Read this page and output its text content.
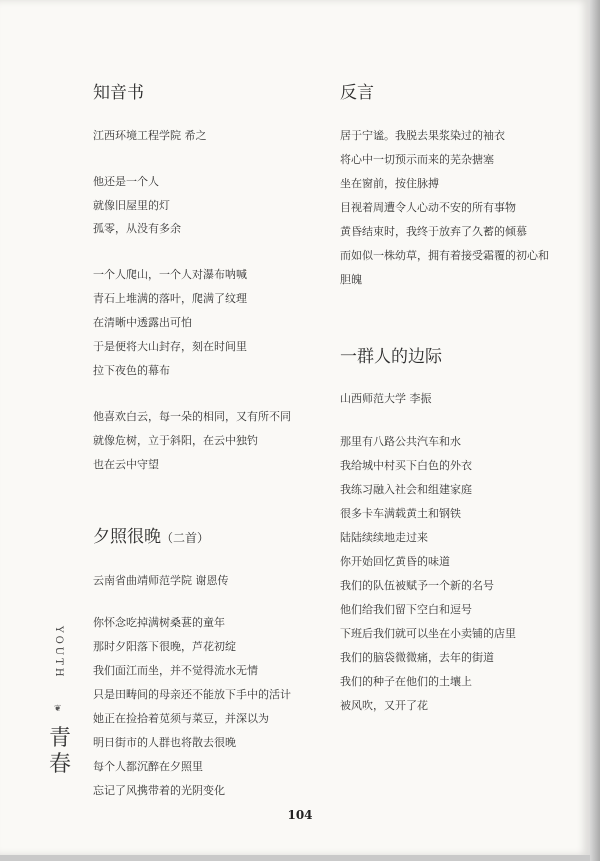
知音书
江西环境工程学院 希之
他还是一个人
就像旧屋里的灯
孤零，从没有多余
一个人爬山，一个人对瀑布呐喊
青石上堆满的落叶，爬满了纹理
在清晰中透露出可怕
于是便将大山封存，刻在时间里
拉下夜色的幕布
他喜欢白云，每一朵的相同，又有所不同
就像危树，立于斜阳，在云中独钓
也在云中守望
夕照很晚（二首）
云南省曲靖师范学院 谢恩传
你怀念吃掉满树桑葚的童年
那时夕阳落下很晚，芦花初绽
我们面江而坐，并不觉得流水无情
只是田畴间的母亲还不能放下手中的活计
她正在捡拾着苋须与菜豆，并深以为
明日街市的人群也将散去很晚
每个人都沉醉在夕照里
忘记了风携带着的光阴变化
反言
居于宁谧。我脱去果浆染过的袖衣
将心中一切预示而来的芜杂搪塞
坐在窗前，按住脉搏
目视着周遭令人心动不安的所有事物
黄昏结束时，我终于放弃了久蓄的倾慕
而如似一株幼草，拥有着接受霜覆的初心和
胆魄
一群人的边际
山西师范大学 李振
那里有八路公共汽车和水
我给城中村买下白色的外衣
我练习融入社会和组建家庭
很多卡车满载黄土和钢铁
陆陆续续地走过来
你开始回忆黄昏的味道
我们的队伍被赋予一个新的名号
他们给我们留下空白和逗号
下班后我们就可以坐在小卖铺的店里
我们的脑袋微微痛，去年的街道
我们的种子在他们的土壤上
被风吹，又开了花
YOUTH
❦
青
春
104
